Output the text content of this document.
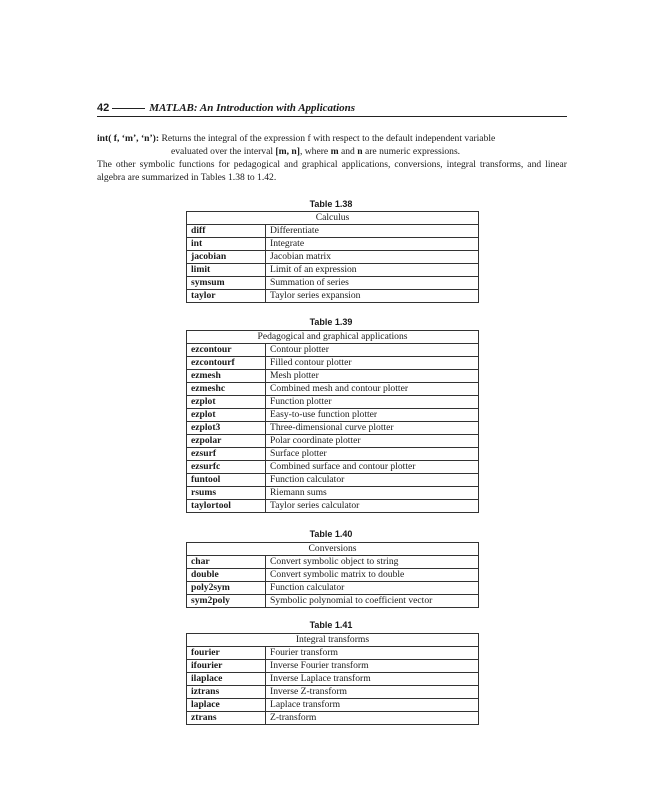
42	MATLAB: An Introduction with Applications
int( f, ‘m’, ‘n’): Returns the integral of the expression f with respect to the default independent variable
evaluated over the interval [m, n], where m and n are numeric expressions.
The other symbolic functions for pedagogical and graphical applications, conversions, integral transforms, and linear algebra are summarized in Tables 1.38 to 1.42.
Table 1.38
Calculus	
diff	Differentiate
int	Integrate
jacobian	Jacobian matrix
limit	Limit of an expression
symsum	Summation of series
taylor	Taylor series expansion
Table 1.39
Pedagogical and graphical applications	
ezcontour	Contour plotter
ezcontourf	Filled contour plotter
ezmesh	Mesh plotter
ezmeshc	Combined mesh and contour plotter
ezplot	Function plotter
ezplot	Easy-to-use function plotter
ezplot3	Three-dimensional curve plotter
ezpolar	Polar coordinate plotter
ezsurf	Surface plotter
ezsurfc	Combined surface and contour plotter
funtool	Function calculator
rsums	Riemann sums
taylortool	Taylor series calculator
Table 1.40
Conversions	
char	Convert symbolic object to string
double	Convert symbolic matrix to double
poly2sym	Function calculator
sym2poly	Symbolic polynomial to coefficient vector
Table 1.41
Integral transforms	
fourier	Fourier transform
ifourier	Inverse Fourier transform
ilaplace	Inverse Laplace transform
iztrans	Inverse Z-transform
laplace	Laplace transform
ztrans	Z-transform
